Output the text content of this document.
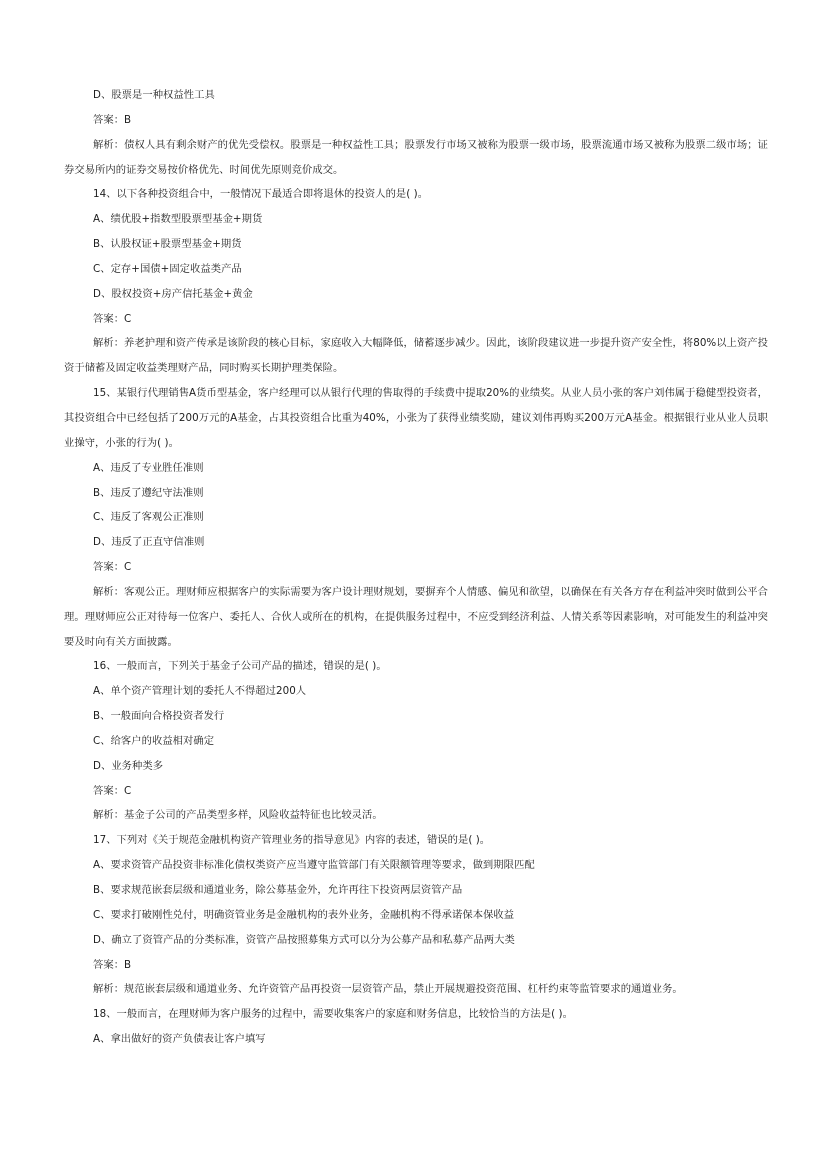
D、股票是一种权益性工具

答案：B

解析：债权人具有剩余财产的优先受偿权。股票是一种权益性工具；股票发行市场又被称为股票一级市场，股票流通市场又被称为股票二级市场；证券交易所内的证券交易按价格优先、时间优先原则竞价成交。

14、以下各种投资组合中，一般情况下最适合即将退休的投资人的是( )。

A、绩优股+指数型股票型基金+期货

B、认股权证+股票型基金+期货

C、定存+国债+固定收益类产品

D、股权投资+房产信托基金+黄金

答案：C

解析：养老护理和资产传承是该阶段的核心目标，家庭收入大幅降低，储蓄逐步减少。因此，该阶段建议进一步提升资产安全性，将80%以上资产投资于储蓄及固定收益类理财产品，同时购买长期护理类保险。

15、某银行代理销售A货币型基金，客户经理可以从银行代理的售取得的手续费中提取20%的业绩奖。从业人员小张的客户刘伟属于稳健型投资者，其投资组合中已经包括了200万元的A基金，占其投资组合比重为40%，小张为了获得业绩奖励，建议刘伟再购买200万元A基金。根据银行业从业人员职业操守，小张的行为( )。

A、违反了专业胜任准则

B、违反了遵纪守法准则

C、违反了客观公正准则

D、违反了正直守信准则

答案：C

解析：客观公正。理财师应根据客户的实际需要为客户设计理财规划，要摒弃个人情感、偏见和欲望，以确保在有关各方存在利益冲突时做到公平合理。理财师应公正对待每一位客户、委托人、合伙人或所在的机构，在提供服务过程中，不应受到经济利益、人情关系等因素影响，对可能发生的利益冲突要及时向有关方面披露。

16、一般而言，下列关于基金子公司产品的描述，错误的是( )。

A、单个资产管理计划的委托人不得超过200人

B、一般面向合格投资者发行

C、给客户的收益相对确定

D、业务种类多

答案：C

解析：基金子公司的产品类型多样，风险收益特征也比较灵活。

17、下列对《关于规范金融机构资产管理业务的指导意见》内容的表述，错误的是( )。

A、要求资管产品投资非标准化债权类资产应当遵守监管部门有关限额管理等要求，做到期限匹配

B、要求规范嵌套层级和通道业务，除公募基金外，允许再往下投资两层资管产品

C、要求打破刚性兑付，明确资管业务是金融机构的表外业务，金融机构不得承诺保本保收益

D、确立了资管产品的分类标准，资管产品按照募集方式可以分为公募产品和私募产品两大类

答案：B

解析：规范嵌套层级和通道业务、允许资管产品再投资一层资管产品，禁止开展规避投资范围、杠杆约束等监管要求的通道业务。

18、一般而言，在理财师为客户服务的过程中，需要收集客户的家庭和财务信息，比较恰当的方法是( )。

A、拿出做好的资产负债表让客户填写
